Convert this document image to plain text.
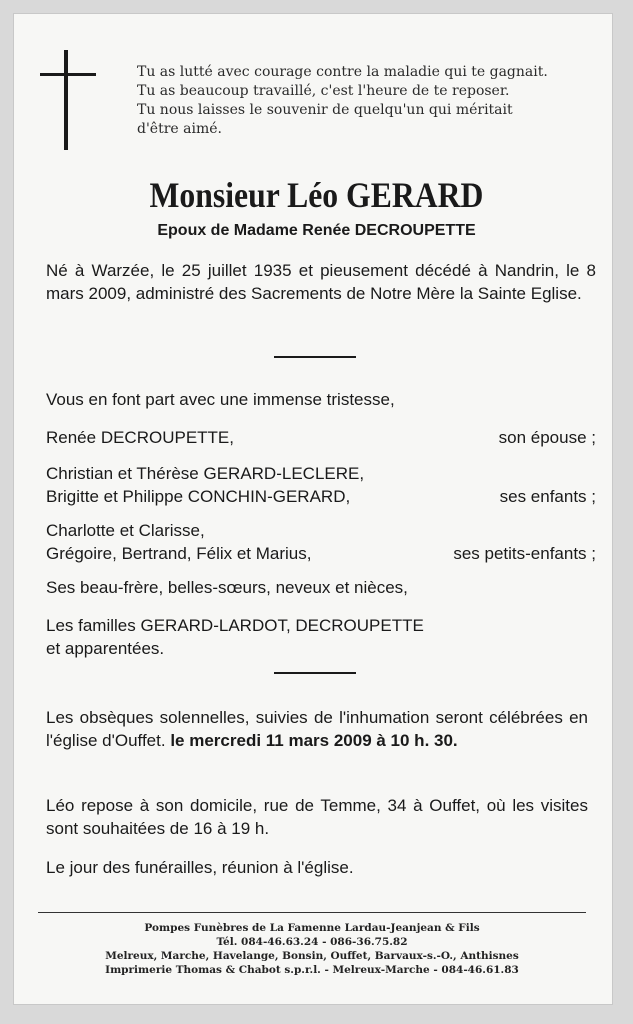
Tu as lutté avec courage contre la maladie qui te gagnait.
Tu as beaucoup travaillé, c'est l'heure de te reposer.
Tu nous laisses le souvenir de quelqu'un qui méritait
d'être aimé.
Monsieur Léo GERARD
Epoux de Madame Renée DECROUPETTE
Né à Warzée, le 25 juillet 1935 et pieusement décédé à Nandrin, le 8 mars 2009, administré des Sacrements de Notre Mère la Sainte Eglise.
Vous en font part avec une immense tristesse,
Renée DECROUPETTE,	son épouse ;
Christian et Thérèse GERARD-LECLERE,
Brigitte et Philippe CONCHIN-GERARD,	ses enfants ;
Charlotte et Clarisse,
Grégoire, Bertrand, Félix et Marius,	ses petits-enfants ;
Ses beau-frère, belles-sœurs, neveux et nièces,
Les familles GERARD-LARDOT, DECROUPETTE
et apparentées.
Les obsèques solennelles, suivies de l'inhumation seront célébrées en l'église d'Ouffet. le mercredi 11 mars 2009 à 10 h. 30.
Léo repose à son domicile, rue de Temme, 34 à Ouffet, où les visites sont souhaitées de 16 à 19 h.
Le jour des funérailles, réunion à l'église.
Pompes Funèbres de La Famenne Lardau-Jeanjean & Fils
Tél. 084-46.63.24 - 086-36.75.82
Melreux, Marche, Havelange, Bonsin, Ouffet, Barvaux-s.-O., Anthisnes
Imprimerie Thomas & Chabot s.p.r.l. - Melreux-Marche - 084-46.61.83
